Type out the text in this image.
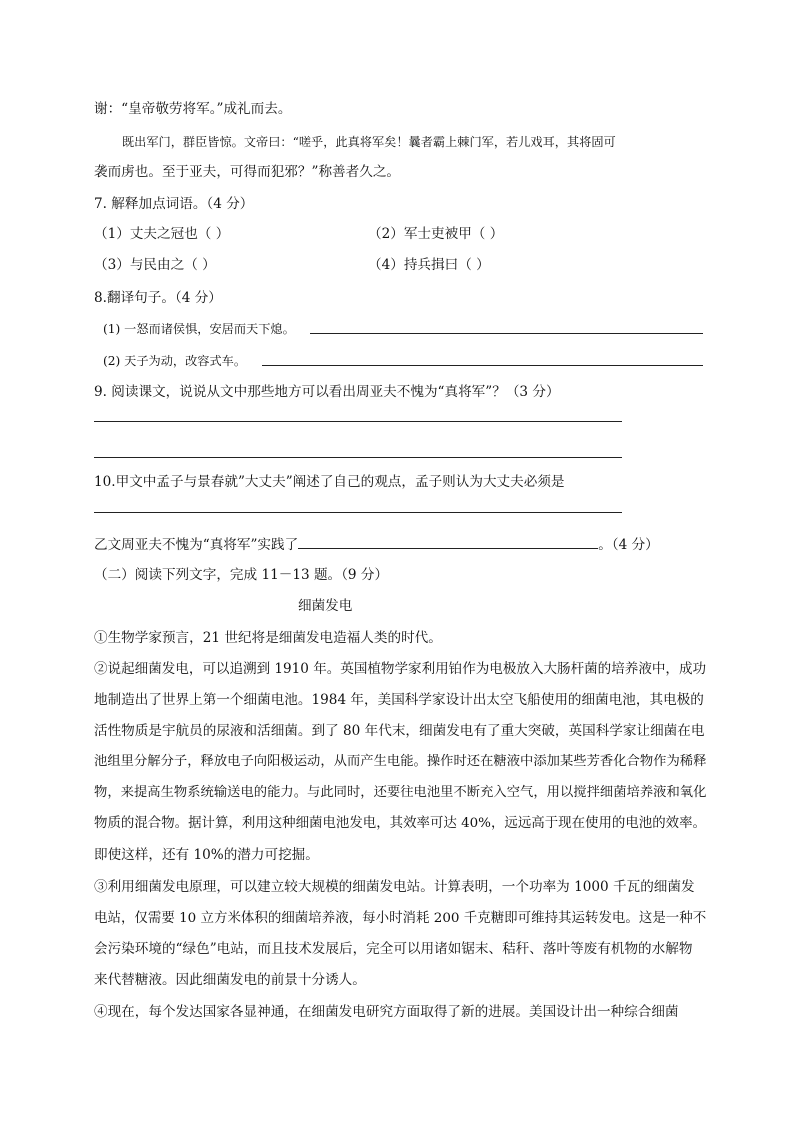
谢：“皇帝敬劳将军。”成礼而去。
既出军门，群臣皆惊。文帝曰：“嗟乎，此真将军矣！曩者霸上棘门军，若儿戏耳，其将固可
袭而虏也。至于亚夫，可得而犯邪？”称善者久之。
7. 解释加点词语。（4 分）
（1）丈夫之冠也（ ）	（2）军士吏被甲（ ）
（3）与民由之（ ）	（4）持兵揖曰（ ）
8.翻译句子。（4 分）
(1) 一怒而诸侯惧，安居而天下熄。
(2) 天子为动，改容式车。
9. 阅读课文，说说从文中那些地方可以看出周亚夫不愧为“真将军”？（3 分）
10.甲文中孟子与景春就”大丈夫”阐述了自己的观点，孟子则认为大丈夫必须是
乙文周亚夫不愧为“真将军”实践了	。（4 分）
（二）阅读下列文字，完成 11－13 题。（9 分）
细菌发电
①生物学家预言，21 世纪将是细菌发电造福人类的时代。
②说起细菌发电，可以追溯到 1910 年。英国植物学家利用铂作为电极放入大肠杆菌的培养液中，成功
地制造出了世界上第一个细菌电池。1984 年，美国科学家设计出太空飞船使用的细菌电池，其电极的
活性物质是宇航员的尿液和活细菌。到了 80 年代末，细菌发电有了重大突破，英国科学家让细菌在电
池组里分解分子，释放电子向阳极运动，从而产生电能。操作时还在糖液中添加某些芳香化合物作为稀释
物，来提高生物系统输送电的能力。与此同时，还要往电池里不断充入空气，用以搅拌细菌培养液和氧化
物质的混合物。据计算，利用这种细菌电池发电，其效率可达 40%，远远高于现在使用的电池的效率。
即使这样，还有 10%的潜力可挖掘。
③利用细菌发电原理，可以建立较大规模的细菌发电站。计算表明，一个功率为 1000 千瓦的细菌发
电站，仅需要 10 立方米体积的细菌培养液，每小时消耗 200 千克糖即可维持其运转发电。这是一种不
会污染环境的“绿色”电站，而且技术发展后，完全可以用诸如锯末、秸秆、落叶等废有机物的水解物
来代替糖液。因此细菌发电的前景十分诱人。
④现在，每个发达国家各显神通，在细菌发电研究方面取得了新的进展。美国设计出一种综合细菌
